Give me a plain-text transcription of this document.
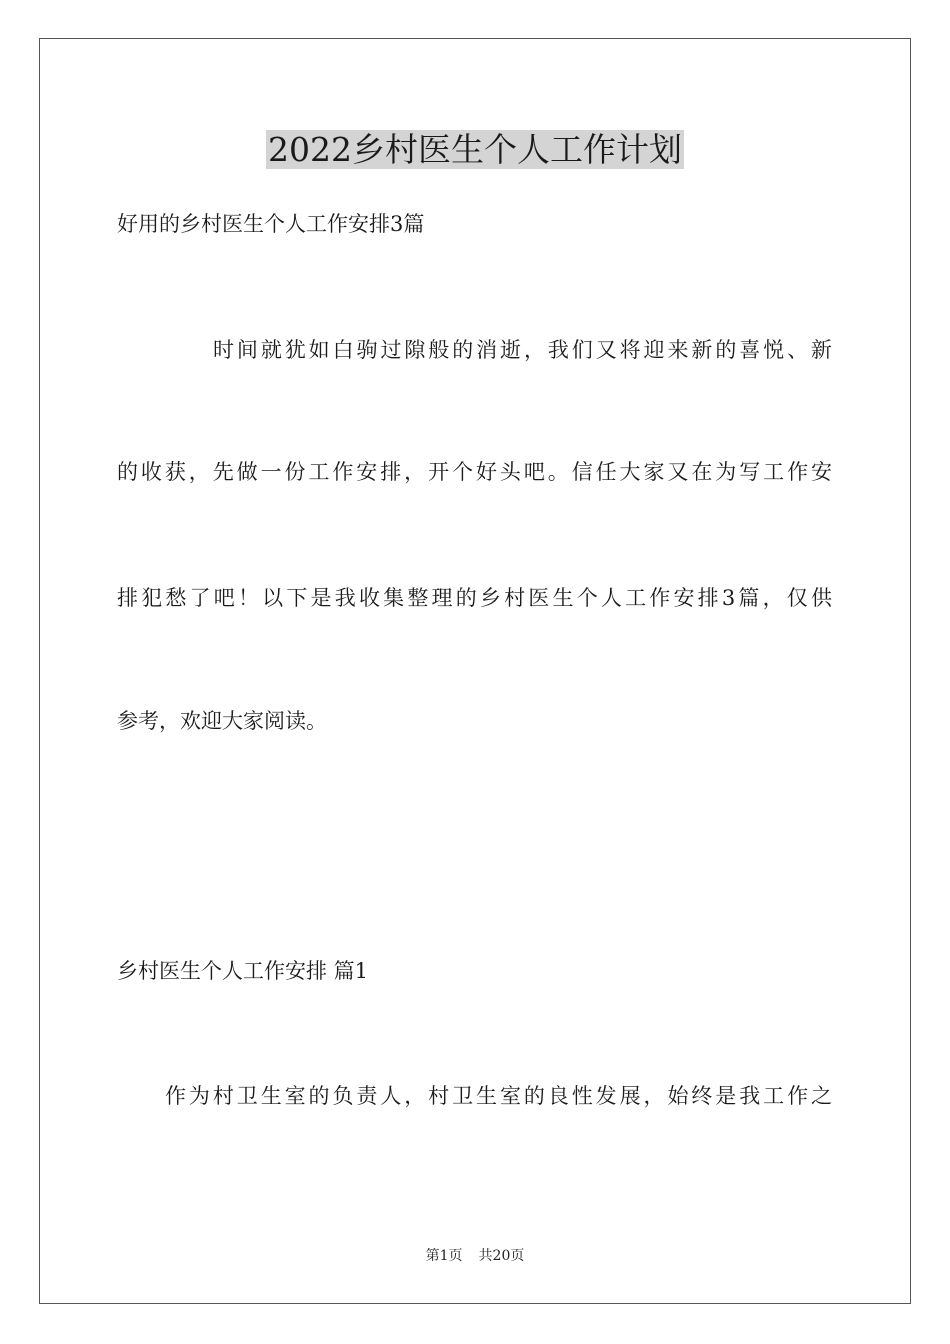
2022乡村医生个人工作计划
好用的乡村医生个人工作安排3篇
时间就犹如白驹过隙般的消逝，我们又将迎来新的喜悦、新
的收获，先做一份工作安排，开个好头吧。信任大家又在为写工作安
排犯愁了吧！以下是我收集整理的乡村医生个人工作安排3篇，仅供
参考，欢迎大家阅读。
乡村医生个人工作安排 篇1
作为村卫生室的负责人，村卫生室的良性发展，始终是我工作之
第1页 共20页
